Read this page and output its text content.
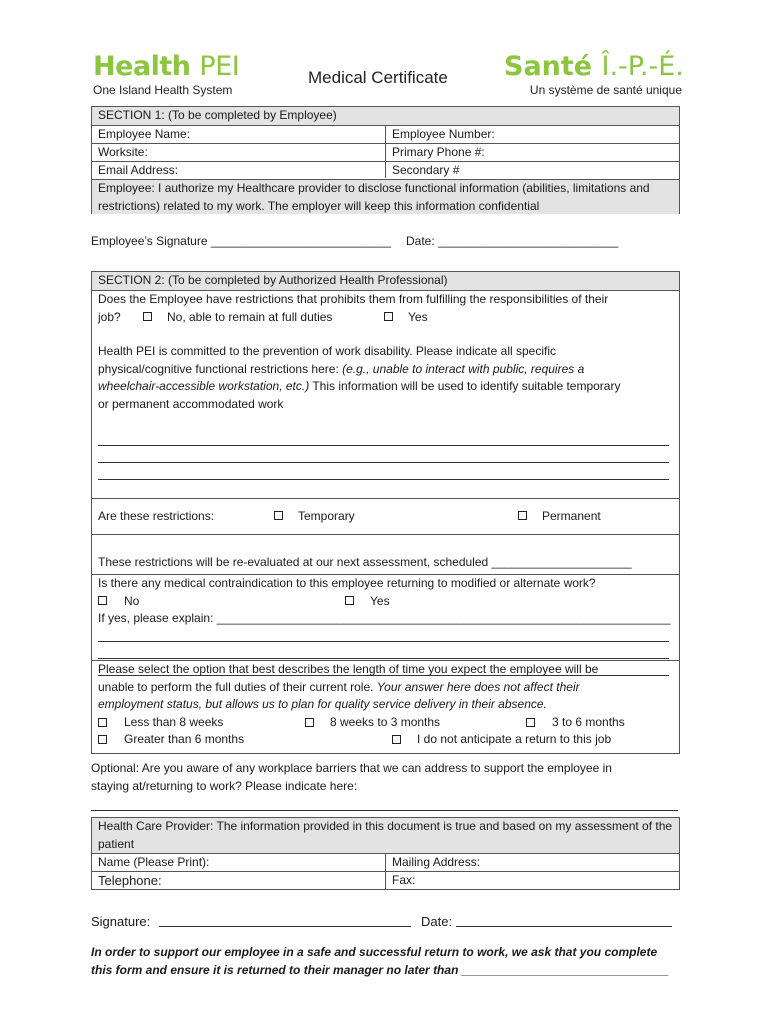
Health PEI
One Island Health System
Medical Certificate Santé Î.-P.-É.
Un système de santé unique
SECTION 1: (To be completed by Employee)
Employee Name:	Employee Number:
Worksite:	Primary Phone #:
Email Address:	Secondary #
Employee: I authorize my Healthcare provider to disclose functional information (abilities, limitations and restrictions) related to my work. The employer will keep this information confidential
Employee’s Signature ___________________________ Date: ___________________________
SECTION 2: (To be completed by Authorized Health Professional)
Does the Employee have restrictions that prohibits them from fulfilling the responsibilities of their
job?	No, able to remain at full duties	Yes
Health PEI is committed to the prevention of work disability. Please indicate all specific
physical/cognitive functional restrictions here: (e.g., unable to interact with public, requires a
wheelchair-accessible workstation, etc.) This information will be used to identify suitable temporary
or permanent accommodated work
Are these restrictions:	Temporary	Permanent
These restrictions will be re-evaluated at our next assessment, scheduled _____________________
Is there any medical contraindication to this employee returning to modified or alternate work?
No	Yes
If yes, please explain: ____________________________________________________________________
Please select the option that best describes the length of time you expect the employee will be
unable to perform the full duties of their current role. Your answer here does not affect their
employment status, but allows us to plan for quality service delivery in their absence.
Less than 8 weeks	8 weeks to 3 months	3 to 6 months
Greater than 6 months	I do not anticipate a return to this job
Optional: Are you aware of any workplace barriers that we can address to support the employee in
staying at/returning to work? Please indicate here:
Health Care Provider: The information provided in this document is true and based on my assessment of the patient
Name (Please Print):	Mailing Address:
Telephone:	Fax:
Signature:	Date:
In order to support our employee in a safe and successful return to work, we ask that you complete
this form and ensure it is returned to their manager no later than _______________________________
